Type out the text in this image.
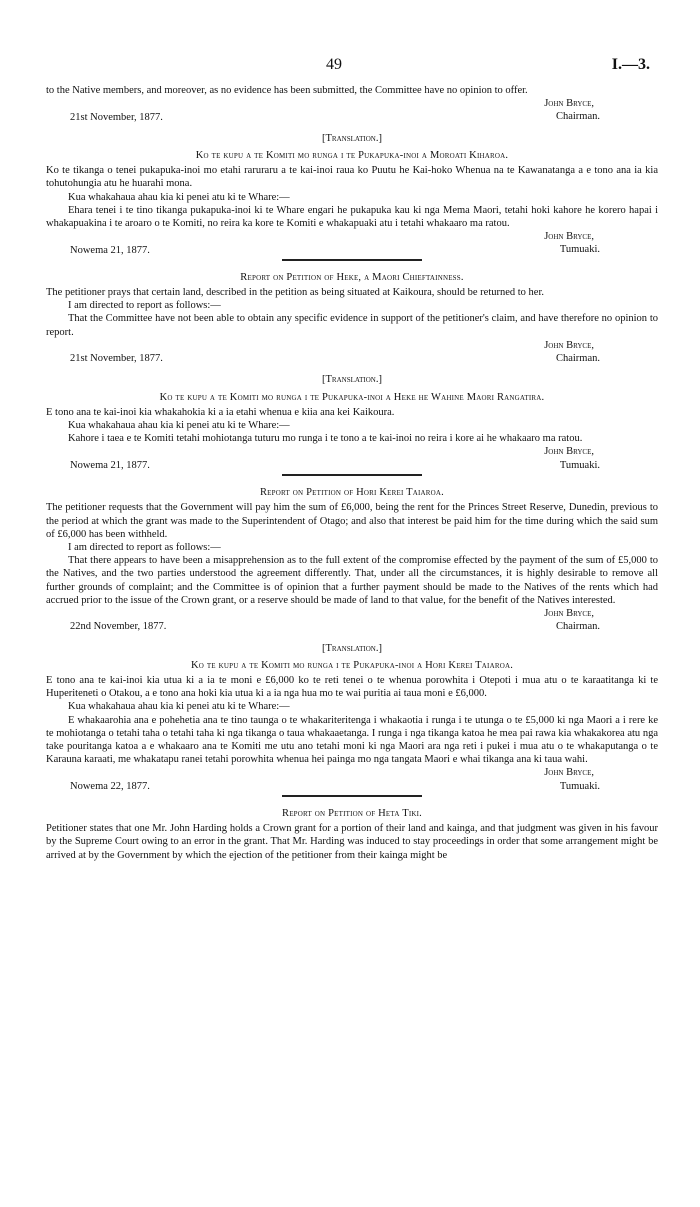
49	I.—3.

to the Native members, and moreover, as no evidence has been submitted, the Committee have no opinion to offer.

John Bryce,
Chairman.
21st November, 1877.
[Translation.]
Ko te kupu a te Komiti mo runga i te Pukapuka-inoi a Moroati Kiharoa.

Ko te tikanga o tenei pukapuka-inoi mo etahi raruraru a te kai-inoi raua ko Puutu he Kai-hoko Whenua na te Kawanatanga a e tono ana ia kia tohutohungia atu he huarahi mona.

Kua whakahaua ahau kia ki penei atu ki te Whare:—

Ehara tenei i te tino tikanga pukapuka-inoi ki te Whare engari he pukapuka kau ki nga Mema Maori, tetahi hoki kahore he korero hapai i whakapuakina i te aroaro o te Komiti, no reira ka kore te Komiti e whakapuaki atu i tetahi whakaaro ma ratou.

John Bryce,
Tumuaki.
Nowema 21, 1877.
Report on Petition of Heke, a Maori Chieftainness.

The petitioner prays that certain land, described in the petition as being situated at Kaikoura, should be returned to her.

I am directed to report as follows:—

That the Committee have not been able to obtain any specific evidence in support of the petitioner's claim, and have therefore no opinion to report.

John Bryce,
Chairman.
21st November, 1877.
[Translation.]
Ko te kupu a te Komiti mo runga i te Pukapuka-inoi a Heke he Wahine Maori Rangatira.

E tono ana te kai-inoi kia whakahokia ki a ia etahi whenua e kiia ana kei Kaikoura.

Kua whakahaua ahau kia ki penei atu ki te Whare:—

Kahore i taea e te Komiti tetahi mohiotanga tuturu mo runga i te tono a te kai-inoi no reira i kore ai he whakaaro ma ratou.

John Bryce,
Tumuaki.
Nowema 21, 1877.
Report on Petition of Hori Kerei Taiaroa.

The petitioner requests that the Government will pay him the sum of £6,000, being the rent for the Princes Street Reserve, Dunedin, previous to the period at which the grant was made to the Superintendent of Otago; and also that interest be paid him for the time during which the said sum of £6,000 has been withheld.

I am directed to report as follows:—

That there appears to have been a misapprehension as to the full extent of the compromise effected by the payment of the sum of £5,000 to the Natives, and the two parties understood the agreement differently. That, under all the circumstances, it is highly desirable to remove all further grounds of complaint; and the Committee is of opinion that a further payment should be made to the Natives of the rents which had accrued prior to the issue of the Crown grant, or a reserve should be made of land to that value, for the benefit of the Natives interested.

John Bryce,
Chairman.
22nd November, 1877.
[Translation.]
Ko te kupu a te Komiti mo runga i te Pukapuka-inoi a Hori Kerei Taiaroa.

E tono ana te kai-inoi kia utua ki a ia te moni e £6,000 ko te reti tenei o te whenua porowhita i Otepoti i mua atu o te karaatitanga ki te Huperiteneti o Otakou, a e tono ana hoki kia utua ki a ia nga hua mo te wai puritia ai taua moni e £6,000.

Kua whakahaua ahau kia ki penei atu ki te Whare:—

E whakaarohia ana e pohehetia ana te tino taunga o te whakariteritenga i whakaotia i runga i te utunga o te £5,000 ki nga Maori a i rere ke te mohiotanga o tetahi taha o tetahi taha ki nga tikanga o taua whakaaetanga. I runga i nga tikanga katoa he mea pai rawa kia whakakorea atu nga take pouritanga katoa a e whakaaro ana te Komiti me utu ano tetahi moni ki nga Maori ara nga reti i pukei i mua atu o te whakaputanga o te Karauna karaati, me whakatapu ranei tetahi porowhita whenua hei painga mo nga tangata Maori e whai tikanga ana ki taua wahi.

John Bryce,
Tumuaki.
Nowema 22, 1877.
Report on Petition of Heta Tiki.

Petitioner states that one Mr. John Harding holds a Crown grant for a portion of their land and kainga, and that judgment was given in his favour by the Supreme Court owing to an error in the grant. That Mr. Harding was induced to stay proceedings in order that some arrangement might be arrived at by the Government by which the ejection of the petitioner from their kainga might be
